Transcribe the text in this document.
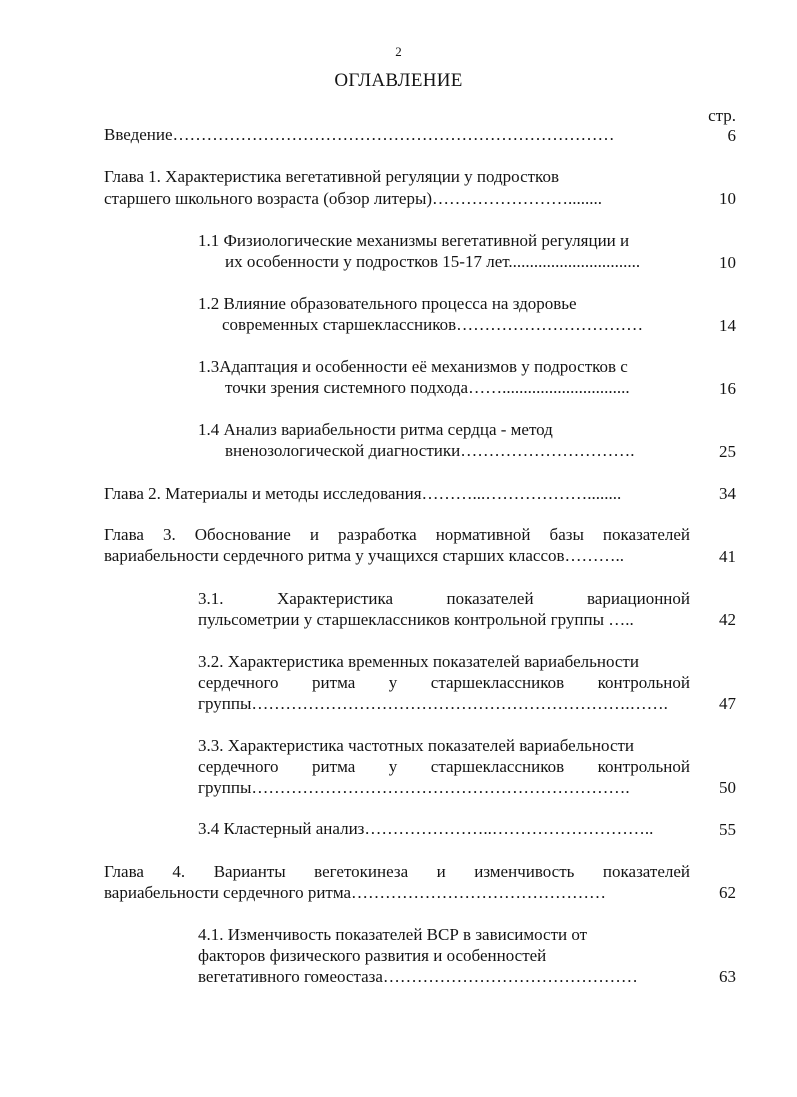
2
ОГЛАВЛЕНИЕ
стр.
Введение……………………………………………………………………	6
Глава 1. Характеристика вегетативной регуляции у подростков
старшего школьного возраста (обзор литеры)……………………........	10
1.1 Физиологические механизмы вегетативной регуляции и
их особенности у подростков 15-17 лет...............................	10
1.2 Влияние образовательного процесса на здоровье
современных старшеклассников……………………………	14
1.3Адаптация и особенности её механизмов у подростков с
точки зрения системного подхода……..............................	16
1.4 Анализ вариабельности ритма сердца - метод
вненозологической диагностики………………………….	25
Глава 2. Материалы и методы исследования………...………………........	34
Глава 3. Обоснование и разработка нормативной базы показателей
вариабельности сердечного ритма у учащихся старших классов………..	41
3.1. Характеристика показателей вариационной
пульсометрии у старшеклассников контрольной группы …..	42
3.2. Характеристика временных показателей вариабельности
сердечного ритма у старшеклассников контрольной
группы………………………………………………………….…….	47
3.3. Характеристика частотных показателей вариабельности
сердечного ритма у старшеклассников контрольной
группы………………………………………………………….	50
3.4 Кластерный анализ…………………..………………………..	55
Глава 4. Варианты вегетокинеза и изменчивость показателей
вариабельности сердечного ритма………………………………………	62
4.1. Изменчивость показателей ВСР в зависимости от
факторов физического развития и особенностей
вегетативного гомеостаза………………………………………	63
